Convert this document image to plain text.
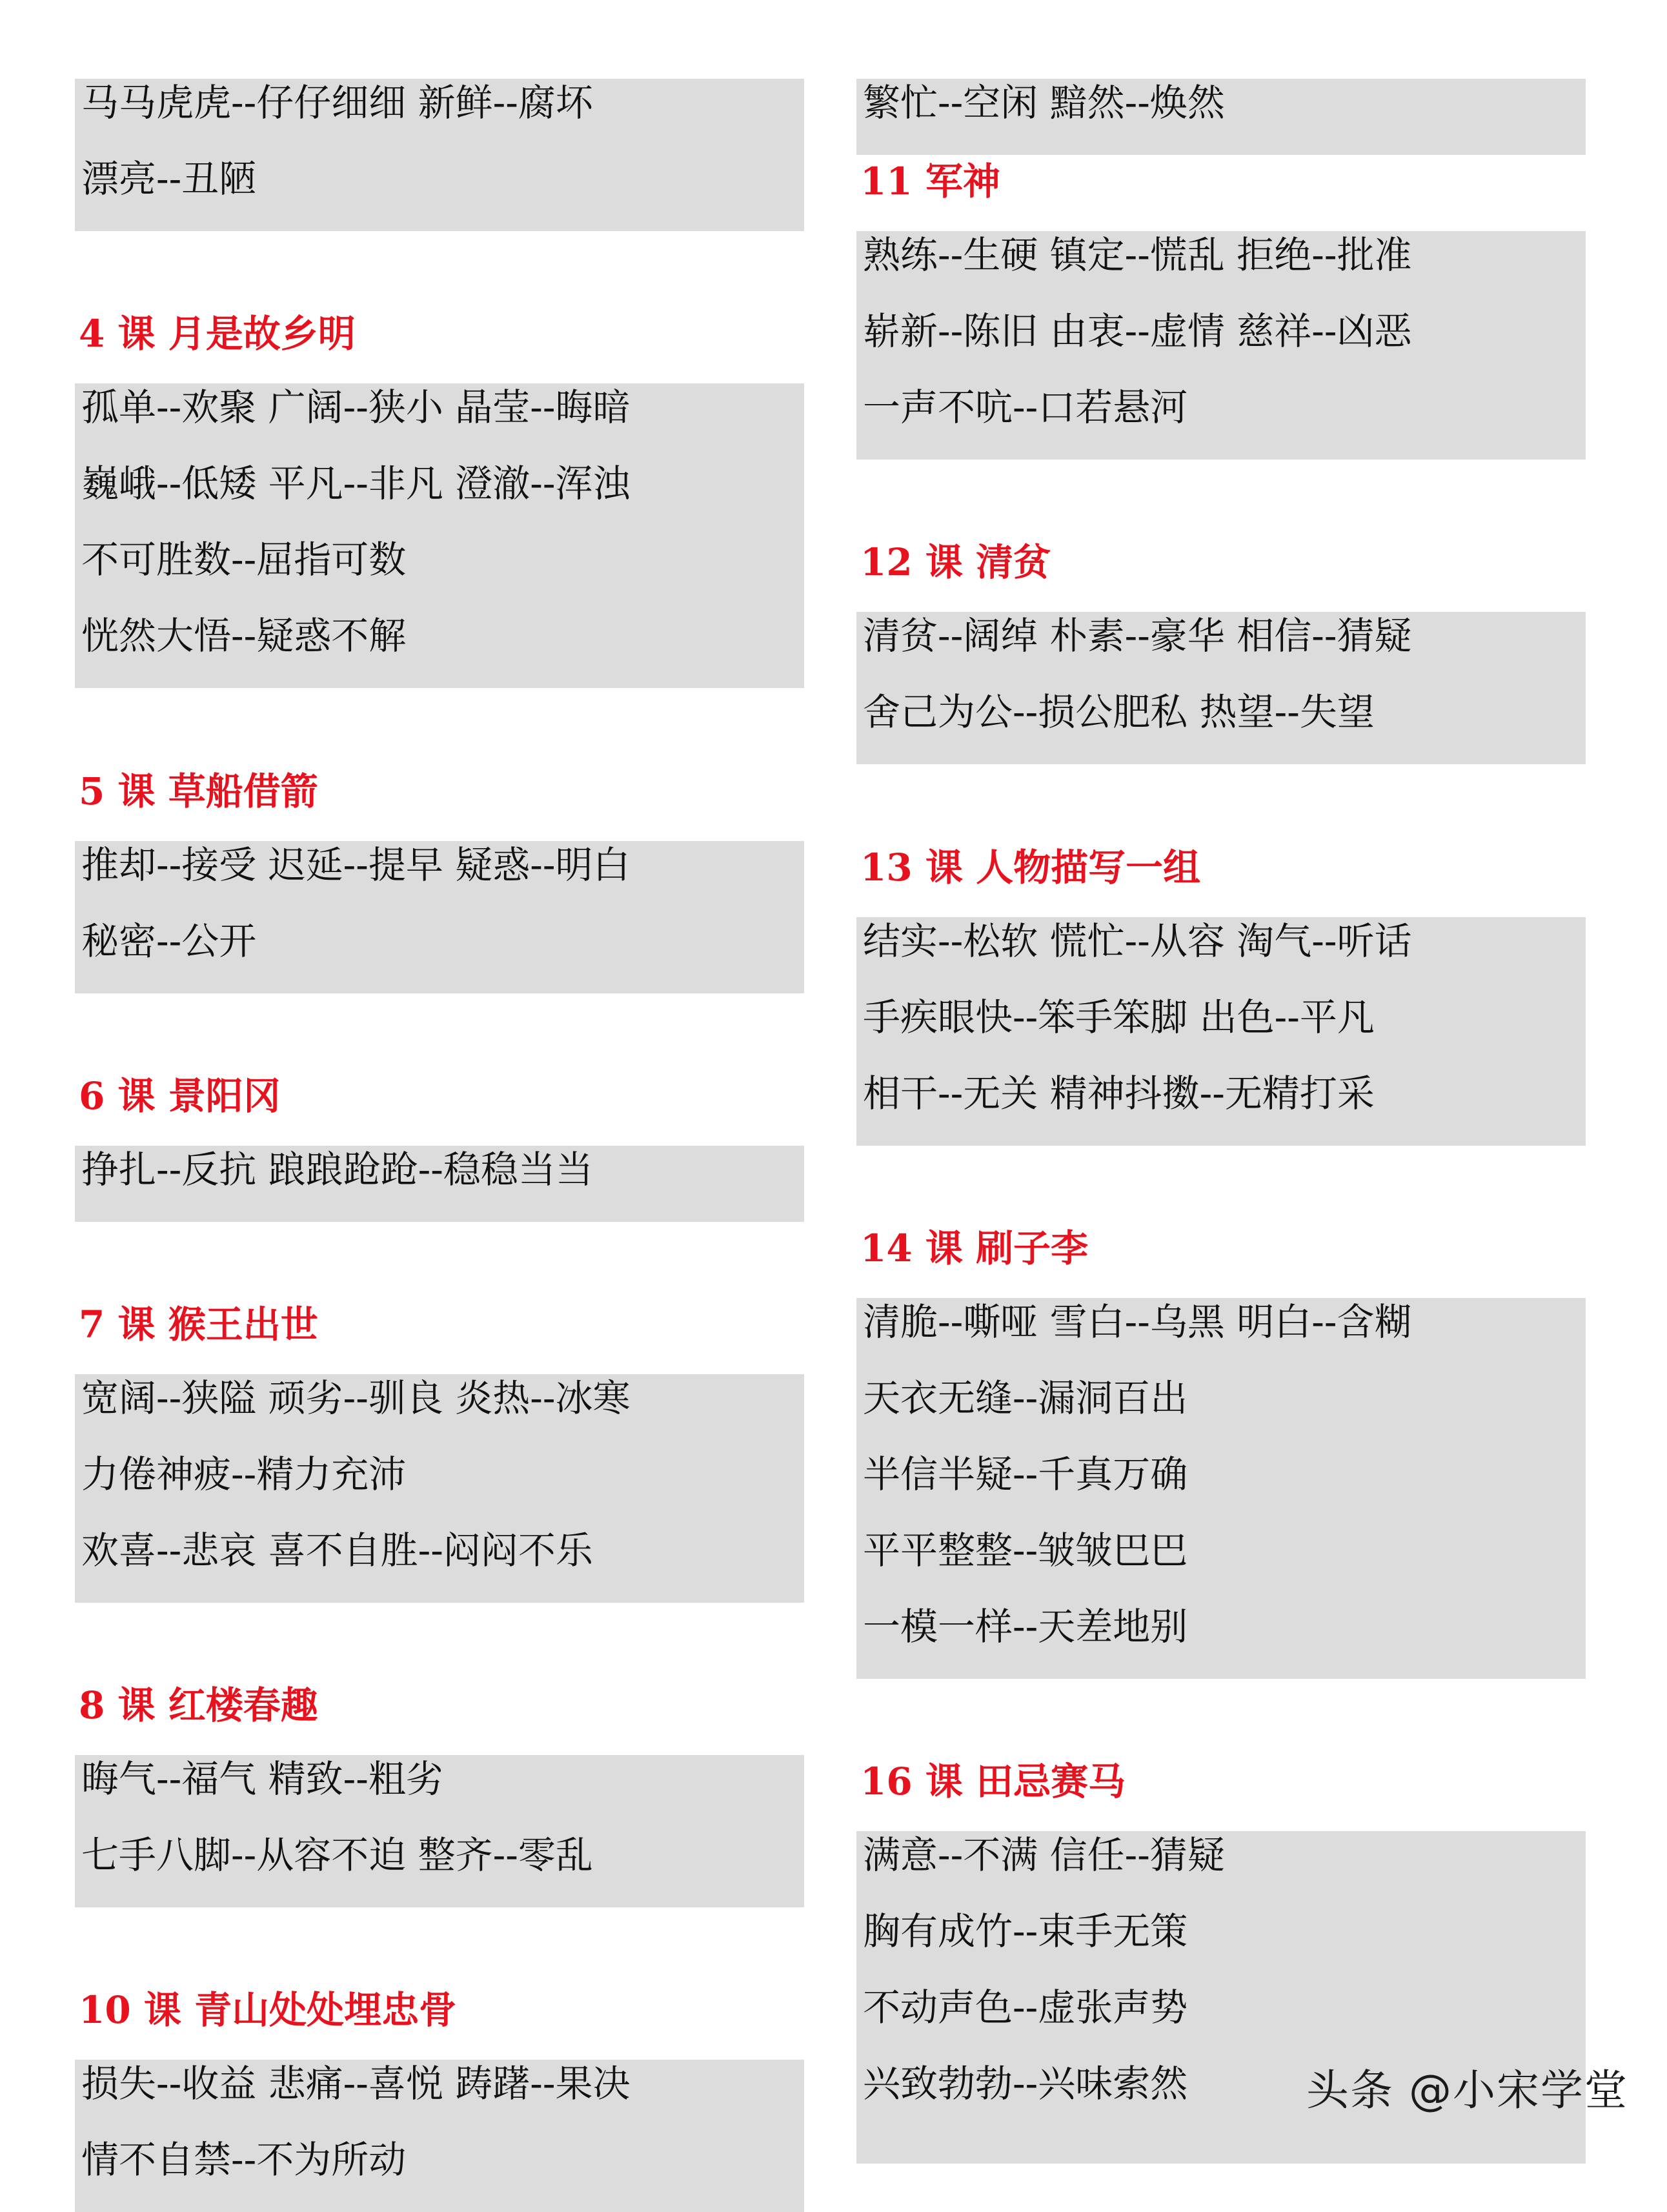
马马虎虎--仔仔细细 新鲜--腐坏
漂亮--丑陋
4 课 月是故乡明
孤单--欢聚 广阔--狭小 晶莹--晦暗
巍峨--低矮 平凡--非凡 澄澈--浑浊
不可胜数--屈指可数
恍然大悟--疑惑不解
5 课 草船借箭
推却--接受 迟延--提早 疑惑--明白
秘密--公开
6 课 景阳冈
挣扎--反抗 踉踉跄跄--稳稳当当
7 课 猴王出世
宽阔--狭隘 顽劣--驯良 炎热--冰寒
力倦神疲--精力充沛
欢喜--悲哀 喜不自胜--闷闷不乐
8 课 红楼春趣
晦气--福气 精致--粗劣
七手八脚--从容不迫 整齐--零乱
10 课 青山处处埋忠骨
损失--收益 悲痛--喜悦 踌躇--果决
情不自禁--不为所动
繁忙--空闲 黯然--焕然
11 军神
熟练--生硬 镇定--慌乱 拒绝--批准
崭新--陈旧 由衷--虚情 慈祥--凶恶
一声不吭--口若悬河
12 课 清贫
清贫--阔绰 朴素--豪华 相信--猜疑
舍己为公--损公肥私 热望--失望
13 课 人物描写一组
结实--松软 慌忙--从容 淘气--听话
手疾眼快--笨手笨脚 出色--平凡
相干--无关 精神抖擞--无精打采
14 课 刷子李
清脆--嘶哑 雪白--乌黑 明白--含糊
天衣无缝--漏洞百出
半信半疑--千真万确
平平整整--皱皱巴巴
一模一样--天差地别
16 课 田忌赛马
满意--不满 信任--猜疑
胸有成竹--束手无策
不动声色--虚张声势
兴致勃勃--兴味索然	头条 @小宋学堂
